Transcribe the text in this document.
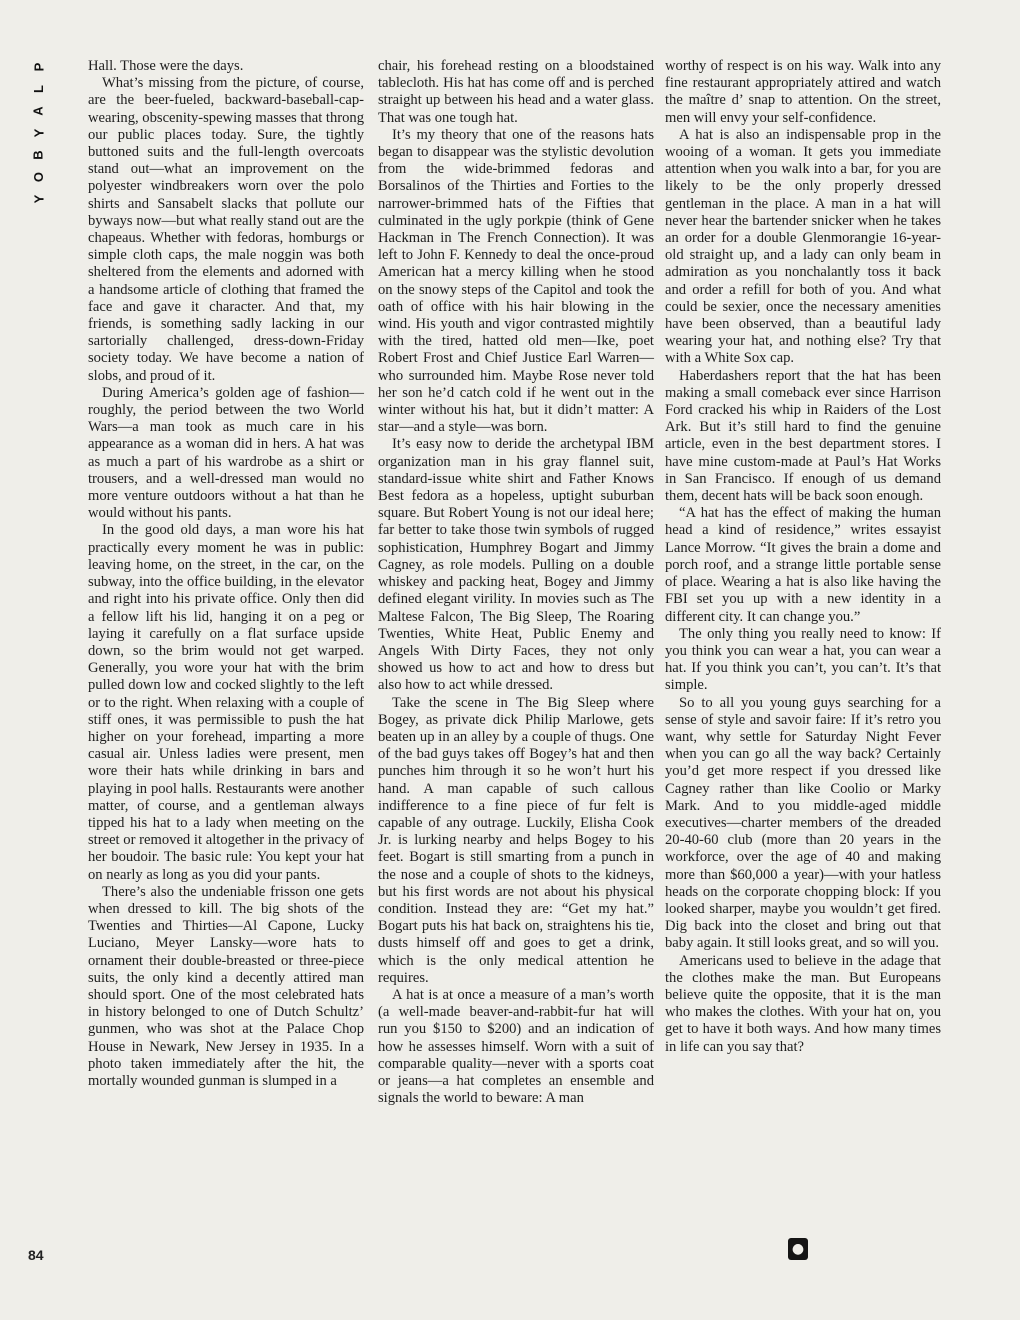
P
L
A
Y
B
O
Y
84

Hall. Those were the days.

What’s missing from the picture, of course, are the beer-fueled, backward-baseball-cap-wearing, obscenity-spewing masses that throng our public places today. Sure, the tightly buttoned suits and the full-length overcoats stand out—what an improvement on the polyester windbreakers worn over the polo shirts and Sansabelt slacks that pollute our byways now—but what really stand out are the chapeaus. Whether with fedoras, homburgs or simple cloth caps, the male noggin was both sheltered from the elements and adorned with a handsome article of clothing that framed the face and gave it character. And that, my friends, is something sadly lacking in our sartorially challenged, dress-down-Friday society today. We have become a nation of slobs, and proud of it.

During America’s golden age of fashion—roughly, the period between the two World Wars—a man took as much care in his appearance as a woman did in hers. A hat was as much a part of his wardrobe as a shirt or trousers, and a well-dressed man would no more venture outdoors without a hat than he would without his pants.

In the good old days, a man wore his hat practically every moment he was in public: leaving home, on the street, in the car, on the subway, into the office building, in the elevator and right into his private office. Only then did a fellow lift his lid, hanging it on a peg or laying it carefully on a flat surface upside down, so the brim would not get warped. Generally, you wore your hat with the brim pulled down low and cocked slightly to the left or to the right. When relaxing with a couple of stiff ones, it was permissible to push the hat higher on your forehead, imparting a more casual air. Unless ladies were present, men wore their hats while drinking in bars and playing in pool halls. Restaurants were another matter, of course, and a gentleman always tipped his hat to a lady when meeting on the street or removed it altogether in the privacy of her boudoir. The basic rule: You kept your hat on nearly as long as you did your pants.

There’s also the undeniable frisson one gets when dressed to kill. The big shots of the Twenties and Thirties—Al Capone, Lucky Luciano, Meyer Lansky—wore hats to ornament their double-breasted or three-piece suits, the only kind a decently attired man should sport. One of the most celebrated hats in history belonged to one of Dutch Schultz’ gunmen, who was shot at the Palace Chop House in Newark, New Jersey in 1935. In a photo taken immediately after the hit, the mortally wounded gunman is slumped in a

chair, his forehead resting on a bloodstained tablecloth. His hat has come off and is perched straight up between his head and a water glass. That was one tough hat.

It’s my theory that one of the reasons hats began to disappear was the stylistic devolution from the wide-brimmed fedoras and Borsalinos of the Thirties and Forties to the narrower-brimmed hats of the Fifties that culminated in the ugly porkpie (think of Gene Hackman in The French Connection). It was left to John F. Kennedy to deal the once-proud American hat a mercy killing when he stood on the snowy steps of the Capitol and took the oath of office with his hair blowing in the wind. His youth and vigor contrasted mightily with the tired, hatted old men—Ike, poet Robert Frost and Chief Justice Earl Warren—who surrounded him. Maybe Rose never told her son he’d catch cold if he went out in the winter without his hat, but it didn’t matter: A star—and a style—was born.

It’s easy now to deride the archetypal IBM organization man in his gray flannel suit, standard-issue white shirt and Father Knows Best fedora as a hopeless, uptight suburban square. But Robert Young is not our ideal here; far better to take those twin symbols of rugged sophistication, Humphrey Bogart and Jimmy Cagney, as role models. Pulling on a double whiskey and packing heat, Bogey and Jimmy defined elegant virility. In movies such as The Maltese Falcon, The Big Sleep, The Roaring Twenties, White Heat, Public Enemy and Angels With Dirty Faces, they not only showed us how to act and how to dress but also how to act while dressed.

Take the scene in The Big Sleep where Bogey, as private dick Philip Marlowe, gets beaten up in an alley by a couple of thugs. One of the bad guys takes off Bogey’s hat and then punches him through it so he won’t hurt his hand. A man capable of such callous indifference to a fine piece of fur felt is capable of any outrage. Luckily, Elisha Cook Jr. is lurking nearby and helps Bogey to his feet. Bogart is still smarting from a punch in the nose and a couple of shots to the kidneys, but his first words are not about his physical condition. Instead they are: “Get my hat.” Bogart puts his hat back on, straightens his tie, dusts himself off and goes to get a drink, which is the only medical attention he requires.

A hat is at once a measure of a man’s worth (a well-made beaver-and-rabbit-fur hat will run you $150 to $200) and an indication of how he assesses himself. Worn with a suit of comparable quality—never with a sports coat or jeans—a hat completes an ensemble and signals the world to beware: A man

worthy of respect is on his way. Walk into any fine restaurant appropriately attired and watch the maître d’ snap to attention. On the street, men will envy your self-confidence.

A hat is also an indispensable prop in the wooing of a woman. It gets you immediate attention when you walk into a bar, for you are likely to be the only properly dressed gentleman in the place. A man in a hat will never hear the bartender snicker when he takes an order for a double Glenmorangie 16-year-old straight up, and a lady can only beam in admiration as you nonchalantly toss it back and order a refill for both of you. And what could be sexier, once the necessary amenities have been observed, than a beautiful lady wearing your hat, and nothing else? Try that with a White Sox cap.

Haberdashers report that the hat has been making a small comeback ever since Harrison Ford cracked his whip in Raiders of the Lost Ark. But it’s still hard to find the genuine article, even in the best department stores. I have mine custom-made at Paul’s Hat Works in San Francisco. If enough of us demand them, decent hats will be back soon enough.

“A hat has the effect of making the human head a kind of residence,” writes essayist Lance Morrow. “It gives the brain a dome and porch roof, and a strange little portable sense of place. Wearing a hat is also like having the FBI set you up with a new identity in a different city. It can change you.”

The only thing you really need to know: If you think you can wear a hat, you can wear a hat. If you think you can’t, you can’t. It’s that simple.

So to all you young guys searching for a sense of style and savoir faire: If it’s retro you want, why settle for Saturday Night Fever when you can go all the way back? Certainly you’d get more respect if you dressed like Cagney rather than like Coolio or Marky Mark. And to you middle-aged middle executives—charter members of the dreaded 20-40-60 club (more than 20 years in the workforce, over the age of 40 and making more than $60,000 a year)—with your hatless heads on the corporate chopping block: If you looked sharper, maybe you wouldn’t get fired. Dig back into the closet and bring out that baby again. It still looks great, and so will you.

Americans used to believe in the adage that the clothes make the man. But Europeans believe quite the opposite, that it is the man who makes the clothes. With your hat on, you get to have it both ways. And how many times in life can you say that?

●
